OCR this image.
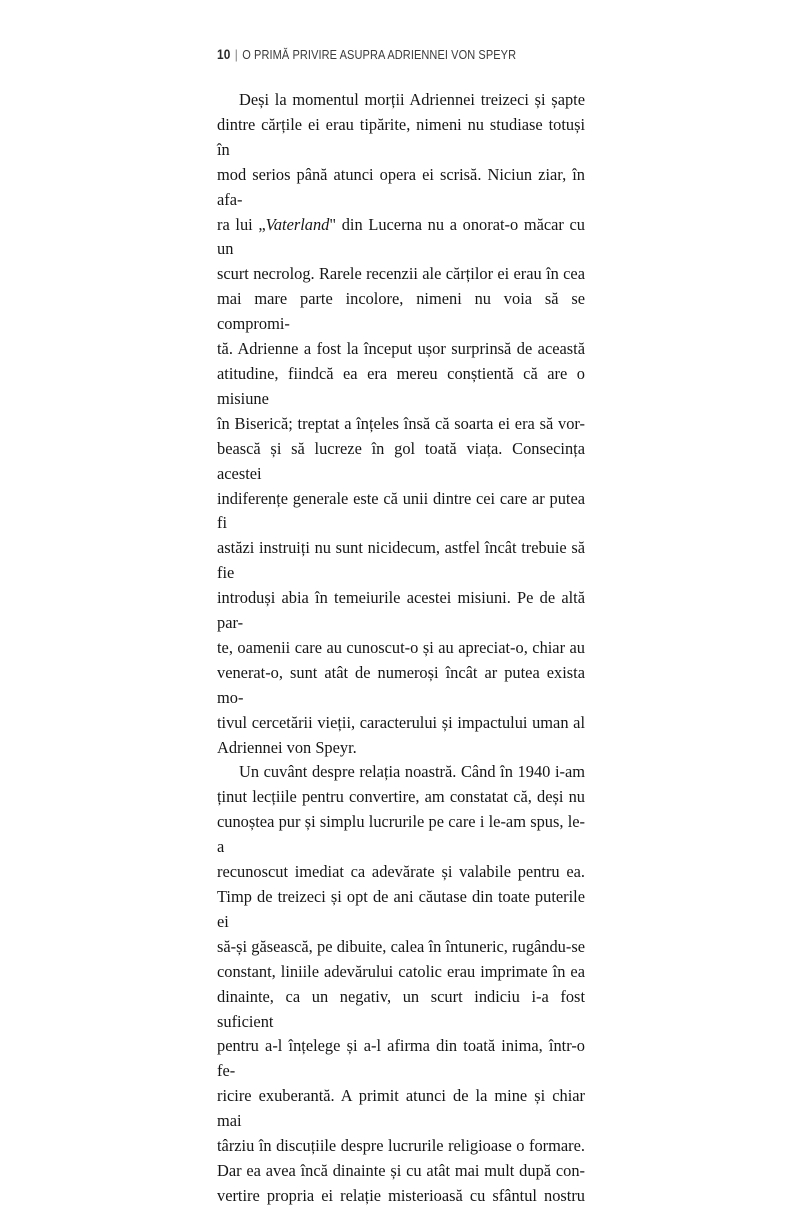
10 | O PRIMĂ PRIVIRE ASUPRA ADRIENNEI VON SPEYR

Deși la momentul morții Adriennei treizeci și șapte
dintre cărțile ei erau tipărite, nimeni nu studiase totuși în
mod serios până atunci opera ei scrisă. Niciun ziar, în afa-
ra lui „Vaterland" din Lucerna nu a onorat-o măcar cu un
scurt necrolog. Rarele recenzii ale cărților ei erau în cea
mai mare parte incolore, nimeni nu voia să se compromi-
tă. Adrienne a fost la început ușor surprinsă de această
atitudine, fiindcă ea era mereu conștientă că are o misiune
în Biserică; treptat a înțeles însă că soarta ei era să vor-
bească și să lucreze în gol toată viața. Consecința acestei
indiferențe generale este că unii dintre cei care ar putea fi
astăzi instruiți nu sunt nicidecum, astfel încât trebuie să fie
introduși abia în temeiurile acestei misiuni. Pe de altă par-
te, oamenii care au cunoscut-o și au apreciat-o, chiar au
venerat-o, sunt atât de numeroși încât ar putea exista mo-
tivul cercetării vieții, caracterului și impactului uman al
Adriennei von Speyr.

Un cuvânt despre relația noastră. Când în 1940 i-am
ținut lecțiile pentru convertire, am constatat că, deși nu
cunoștea pur și simplu lucrurile pe care i le-am spus, le-a
recunoscut imediat ca adevărate și valabile pentru ea.
Timp de treizeci și opt de ani căutase din toate puterile ei
să-și găsească, pe dibuite, calea în întuneric, rugându-se
constant, liniile adevărului catolic erau imprimate în ea
dinainte, ca un negativ, un scurt indiciu i-a fost suficient
pentru a-l înțelege și a-l afirma din toată inima, într-o fe-
ricire exuberantă. A primit atunci de la mine și chiar mai
târziu în discuțiile despre lucrurile religioase o formare.
Dar ea avea încă dinainte și cu atât mai mult după con-
vertire propria ei relație misterioasă cu sfântul nostru
